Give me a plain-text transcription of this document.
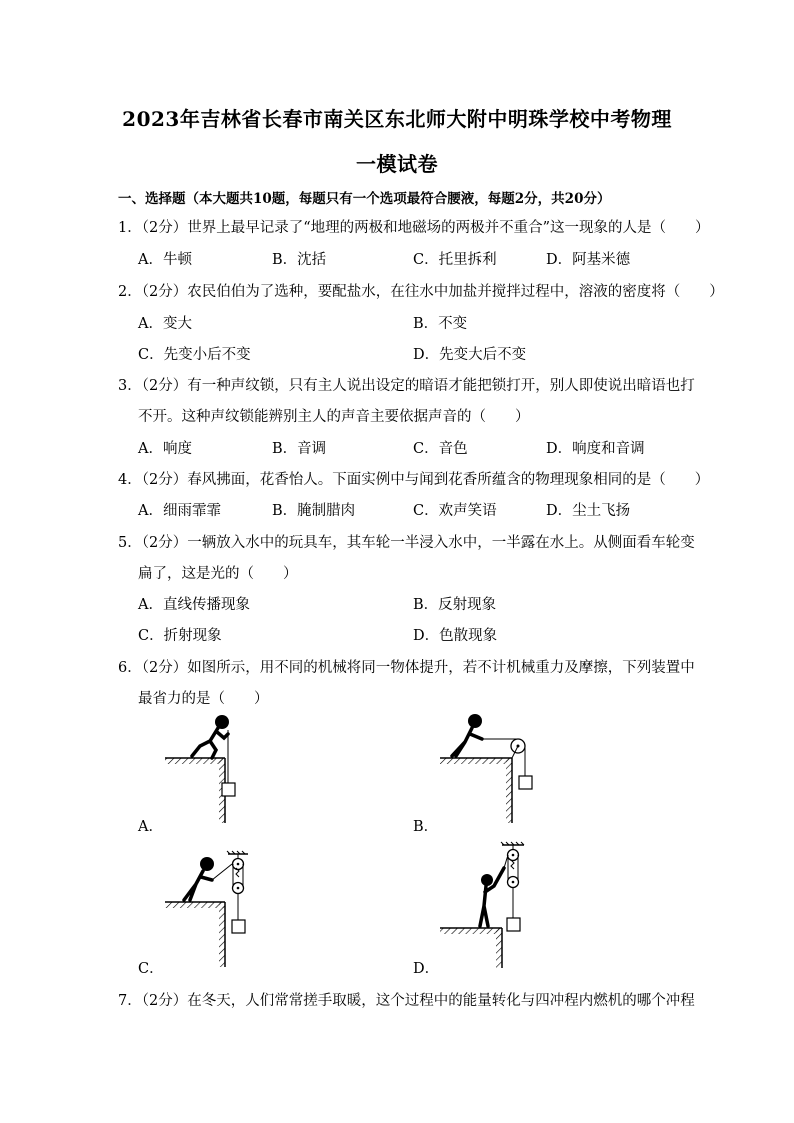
2023年吉林省长春市南关区东北师大附中明珠学校中考物理
一模试卷
一、选择题（本大题共10题，每题只有一个选项最符合腰液，每题2分，共20分）
1．（2分）世界上最早记录了“地理的两极和地磁场的两极并不重合”这一现象的人是（　　）
A．牛顿	B．沈括	C．托里拆利	D．阿基米德
2．（2分）农民伯伯为了选种，要配盐水，在往水中加盐并搅拌过程中，溶液的密度将（　　）
A．变大	B．不变
C．先变小后不变	D．先变大后不变
3．（2分）有一种声纹锁，只有主人说出设定的暗语才能把锁打开，别人即使说出暗语也打
不开。这种声纹锁能辨别主人的声音主要依据声音的（　　）
A．响度	B．音调	C．音色	D．响度和音调
4．（2分）春风拂面，花香怡人。下面实例中与闻到花香所蕴含的物理现象相同的是（　　）
A．细雨霏霏	B．腌制腊肉	C．欢声笑语	D．尘土飞扬
5．（2分）一辆放入水中的玩具车，其车轮一半浸入水中，一半露在水上。从侧面看车轮变
扁了，这是光的（　　）
A．直线传播现象	B．反射现象
C．折射现象	D．色散现象
6．（2分）如图所示，用不同的机械将同一物体提升，若不计机械重力及摩擦，下列装置中
最省力的是（　　）
A．	B．
C．	D．
7．（2分）在冬天，人们常常搓手取暖，这个过程中的能量转化与四冲程内燃机的哪个冲程
